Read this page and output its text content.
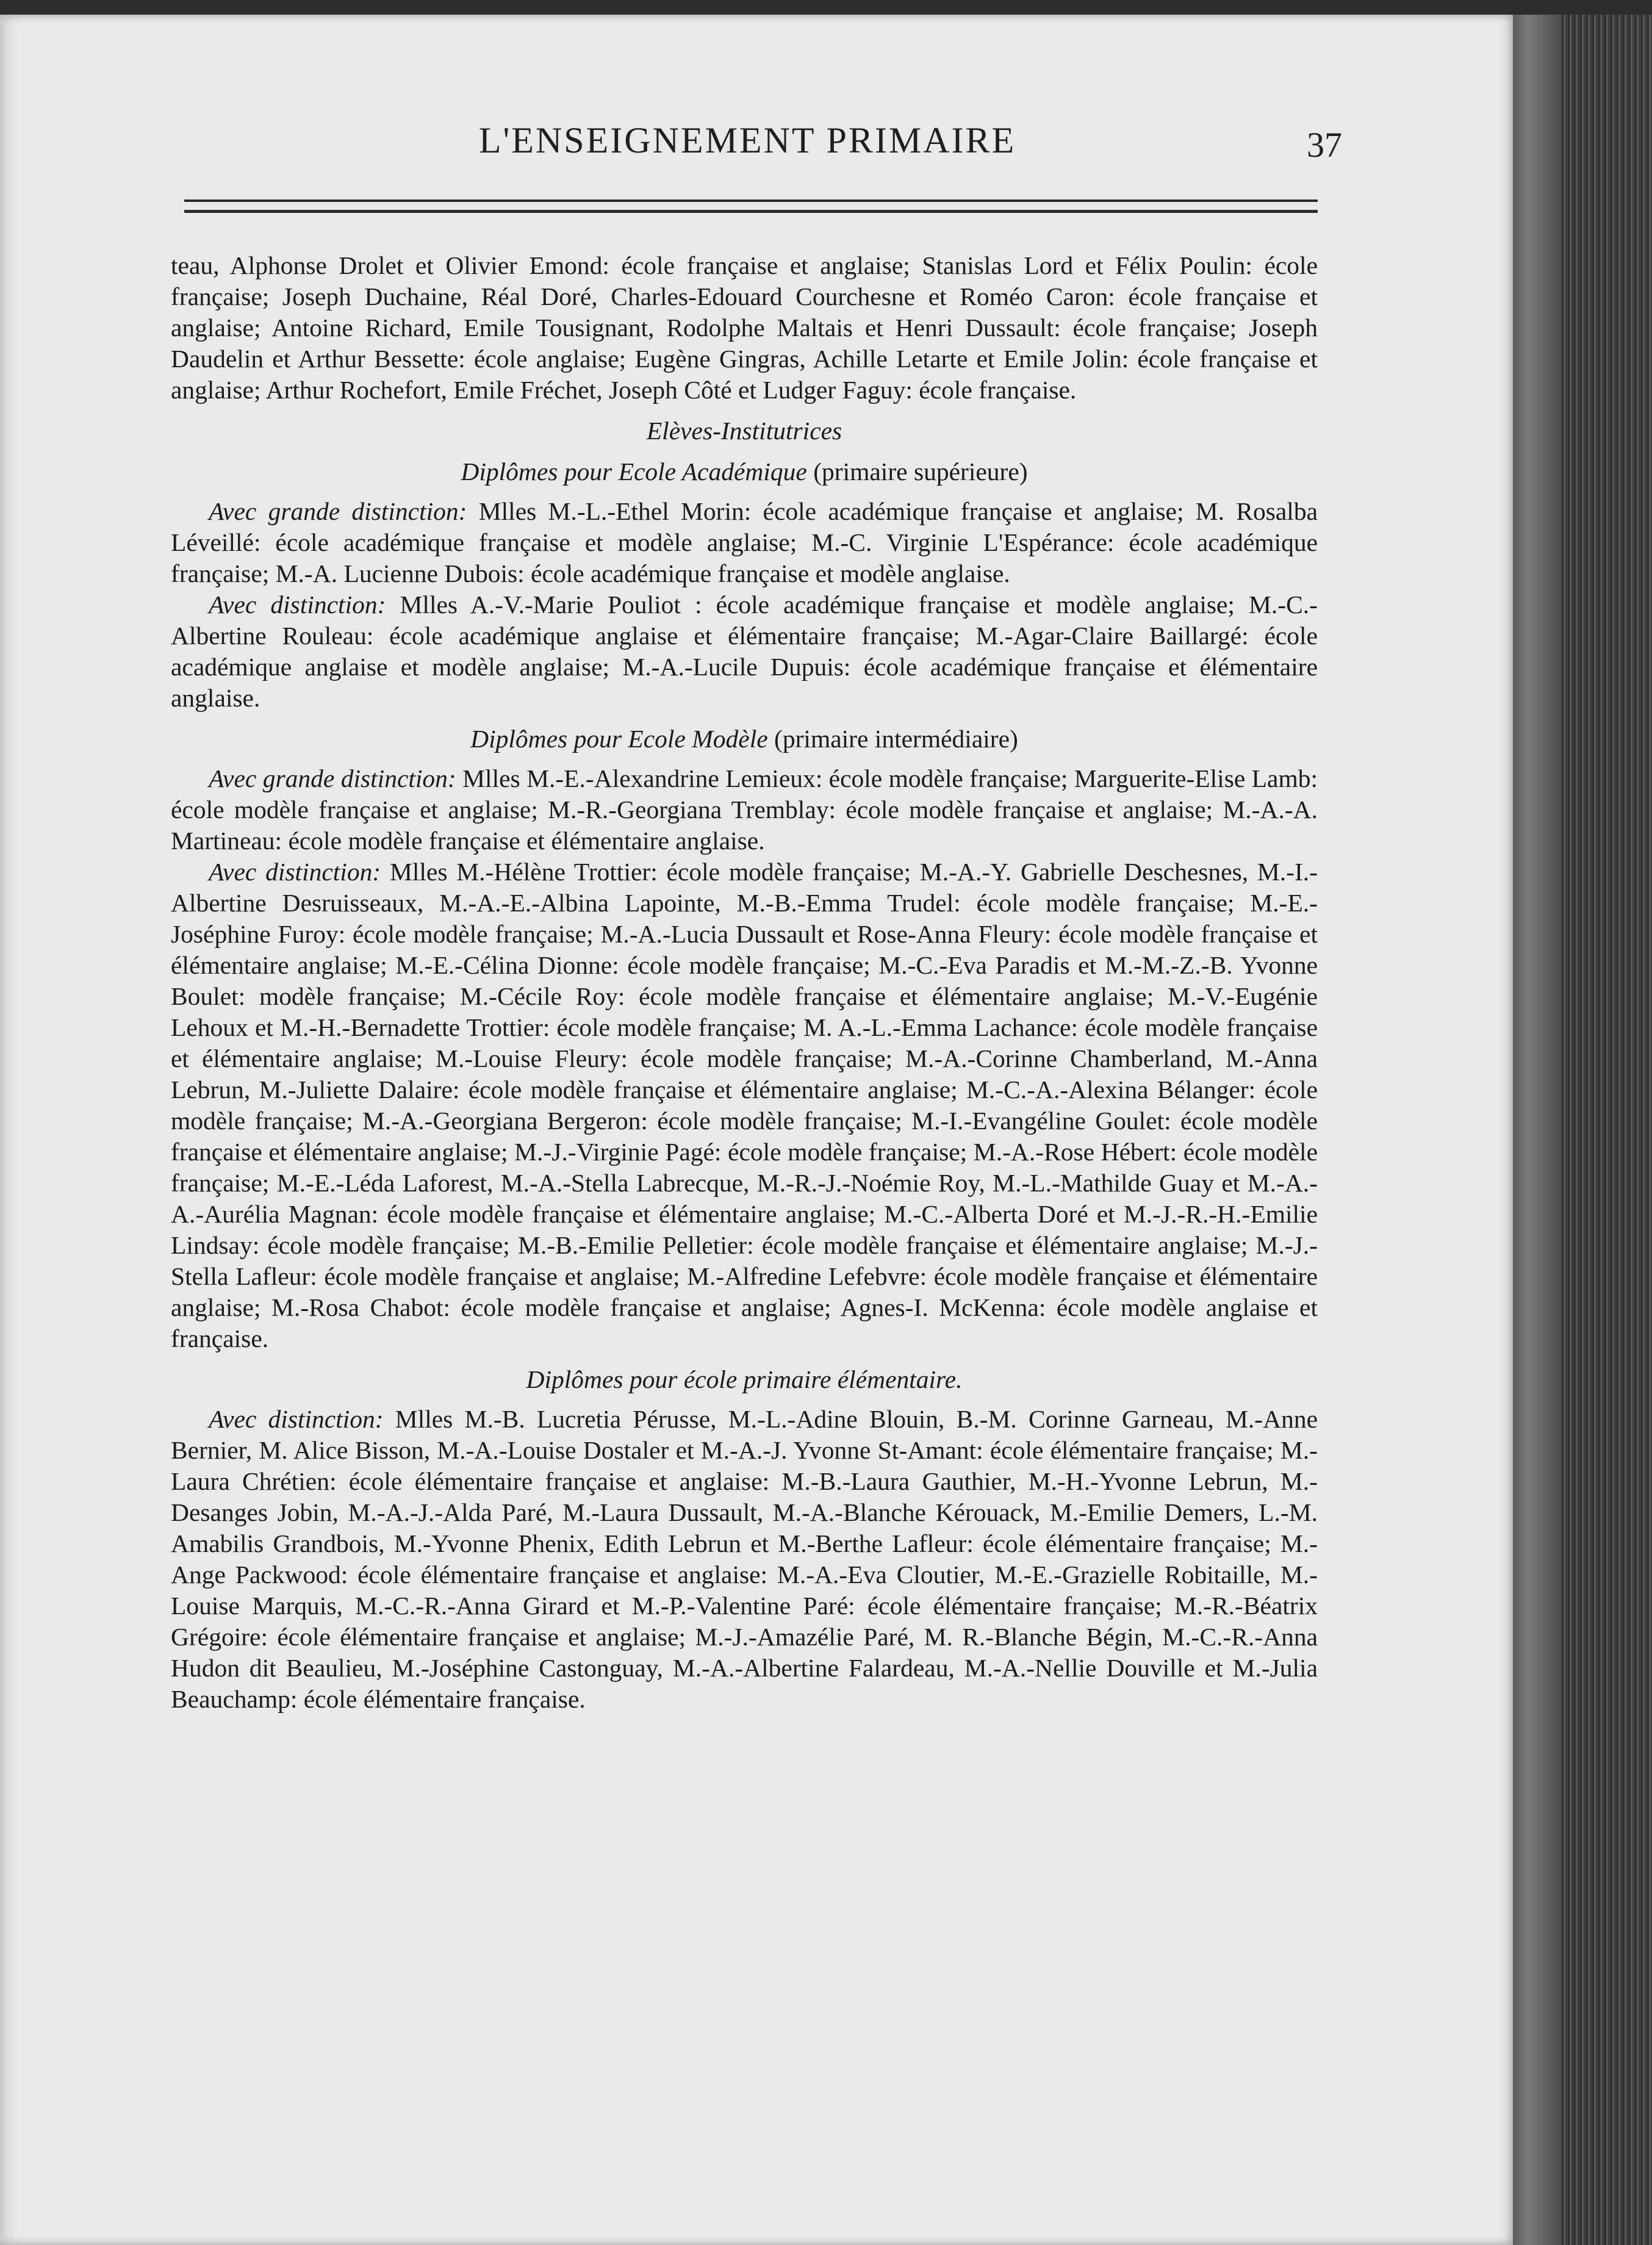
L'ENSEIGNEMENT PRIMAIRE	37

teau, Alphonse Drolet et Olivier Emond: école française et anglaise; Stanislas Lord et Félix Poulin: école française; Joseph Duchaine, Réal Doré, Charles-Edouard Courchesne et Roméo Caron: école française et anglaise; Antoine Richard, Emile Tousignant, Rodolphe Maltais et Henri Dussault: école française; Joseph Daudelin et Arthur Bessette: école anglaise; Eugène Gingras, Achille Letarte et Emile Jolin: école française et anglaise; Arthur Rochefort, Emile Fréchet, Joseph Côté et Ludger Faguy: école française.

Elèves-Institutrices
Diplômes pour Ecole Académique (primaire supérieure)

Avec grande distinction: Mlles M.-L.-Ethel Morin: école académique française et anglaise; M. Rosalba Léveillé: école académique française et modèle anglaise; M.-C. Virginie L'Espérance: école académique française; M.-A. Lucienne Dubois: école académique française et modèle anglaise.

Avec distinction: Mlles A.-V.-Marie Pouliot : école académique française et modèle anglaise; M.-C.-Albertine Rouleau: école académique anglaise et élémentaire française; M.-Agar-Claire Baillargé: école académique anglaise et modèle anglaise; M.-A.-Lucile Dupuis: école académique française et élémentaire anglaise.

Diplômes pour Ecole Modèle (primaire intermédiaire)

Avec grande distinction: Mlles M.-E.-Alexandrine Lemieux: école modèle française; Marguerite-Elise Lamb: école modèle française et anglaise; M.-R.-Georgiana Tremblay: école modèle française et anglaise; M.-A.-A. Martineau: école modèle française et élémentaire anglaise.

Avec distinction: Mlles M.-Hélène Trottier: école modèle française; M.-A.-Y. Gabrielle Deschesnes, M.-I.-Albertine Desruisseaux, M.-A.-E.-Albina Lapointe, M.-B.-Emma Trudel: école modèle française; M.-E.-Joséphine Furoy: école modèle française; M.-A.-Lucia Dussault et Rose-Anna Fleury: école modèle française et élémentaire anglaise; M.-E.-Célina Dionne: école modèle française; M.-C.-Eva Paradis et M.-M.-Z.-B. Yvonne Boulet: modèle française; M.-Cécile Roy: école modèle française et élémentaire anglaise; M.-V.-Eugénie Lehoux et M.-H.-Bernadette Trottier: école modèle française; M. A.-L.-Emma Lachance: école modèle française et élémentaire anglaise; M.-Louise Fleury: école modèle française; M.-A.-Corinne Chamberland, M.-Anna Lebrun, M.-Juliette Dalaire: école modèle française et élémentaire anglaise; M.-C.-A.-Alexina Bélanger: école modèle française; M.-A.-Georgiana Bergeron: école modèle française; M.-I.-Evangéline Goulet: école modèle française et élémentaire anglaise; M.-J.-Virginie Pagé: école modèle française; M.-A.-Rose Hébert: école modèle française; M.-E.-Léda Laforest, M.-A.-Stella Labrecque, M.-R.-J.-Noémie Roy, M.-L.-Mathilde Guay et M.-A.-A.-Aurélia Magnan: école modèle française et élémentaire anglaise; M.-C.-Alberta Doré et M.-J.-R.-H.-Emilie Lindsay: école modèle française; M.-B.-Emilie Pelletier: école modèle française et élémentaire anglaise; M.-J.-Stella Lafleur: école modèle française et anglaise; M.-Alfredine Lefebvre: école modèle française et élémentaire anglaise; M.-Rosa Chabot: école modèle française et anglaise; Agnes-I. McKenna: école modèle anglaise et française.

Diplômes pour école primaire élémentaire.

Avec distinction: Mlles M.-B. Lucretia Pérusse, M.-L.-Adine Blouin, B.-M. Corinne Garneau, M.-Anne Bernier, M. Alice Bisson, M.-A.-Louise Dostaler et M.-A.-J. Yvonne St-Amant: école élémentaire française; M.-Laura Chrétien: école élémentaire française et anglaise: M.-B.-Laura Gauthier, M.-H.-Yvonne Lebrun, M.-Desanges Jobin, M.-A.-J.-Alda Paré, M.-Laura Dussault, M.-A.-Blanche Kérouack, M.-Emilie Demers, L.-M. Amabilis Grandbois, M.-Yvonne Phenix, Edith Lebrun et M.-Berthe Lafleur: école élémentaire française; M.-Ange Packwood: école élémentaire française et anglaise: M.-A.-Eva Cloutier, M.-E.-Grazielle Robitaille, M.-Louise Marquis, M.-C.-R.-Anna Girard et M.-P.-Valentine Paré: école élémentaire française; M.-R.-Béatrix Grégoire: école élémentaire française et anglaise; M.-J.-Amazélie Paré, M. R.-Blanche Bégin, M.-C.-R.-Anna Hudon dit Beaulieu, M.-Joséphine Castonguay, M.-A.-Albertine Falardeau, M.-A.-Nellie Douville et M.-Julia Beauchamp: école élémentaire française.
